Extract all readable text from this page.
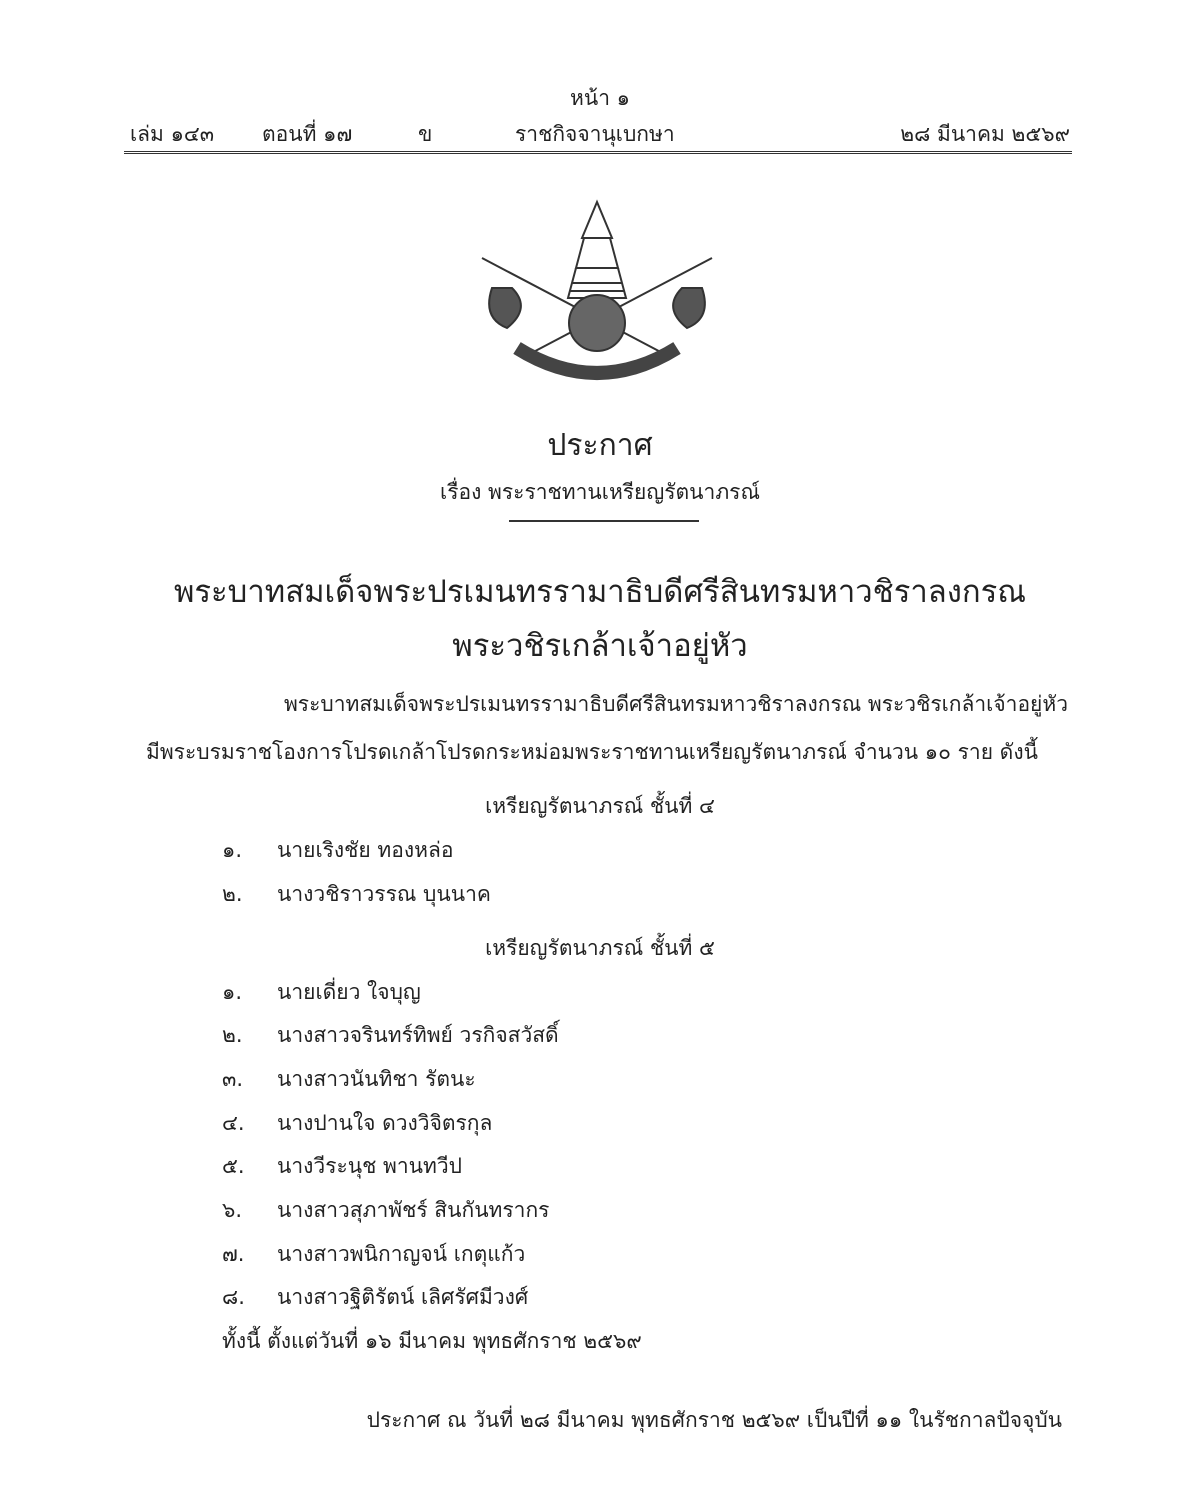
หน้า ๑
เล่ม ๑๔๓ ตอนที่ ๑๗	ข	ราชกิจจานุเบกษา	๒๘ มีนาคม ๒๕๖๙
ประกาศ
เรื่อง พระราชทานเหรียญรัตนาภรณ์
พระบาทสมเด็จพระปรเมนทรรามาธิบดีศรีสินทรมหาวชิราลงกรณ
พระวชิรเกล้าเจ้าอยู่หัว
พระบาทสมเด็จพระปรเมนทรรามาธิบดีศรีสินทรมหาวชิราลงกรณ พระวชิรเกล้าเจ้าอยู่หัว
มีพระบรมราชโองการโปรดเกล้าโปรดกระหม่อมพระราชทานเหรียญรัตนาภรณ์ จำนวน ๑๐ ราย ดังนี้
เหรียญรัตนาภรณ์ ชั้นที่ ๔
๑. นายเริงชัย ทองหล่อ
๒. นางวชิราวรรณ บุนนาค
เหรียญรัตนาภรณ์ ชั้นที่ ๕
๑. นายเดี่ยว ใจบุญ
๒. นางสาวจรินทร์ทิพย์ วรกิจสวัสดิ์
๓. นางสาวนันทิชา รัตนะ
๔. นางปานใจ ดวงวิจิตรกุล
๕. นางวีระนุช พานทวีป
๖. นางสาวสุภาพัชร์ สินกันทรากร
๗. นางสาวพนิกาญจน์ เกตุแก้ว
๘. นางสาวฐิติรัตน์ เลิศรัศมีวงศ์
ทั้งนี้ ตั้งแต่วันที่ ๑๖ มีนาคม พุทธศักราช ๒๕๖๙
ประกาศ ณ วันที่ ๒๘ มีนาคม พุทธศักราช ๒๕๖๙ เป็นปีที่ ๑๑ ในรัชกาลปัจจุบัน
